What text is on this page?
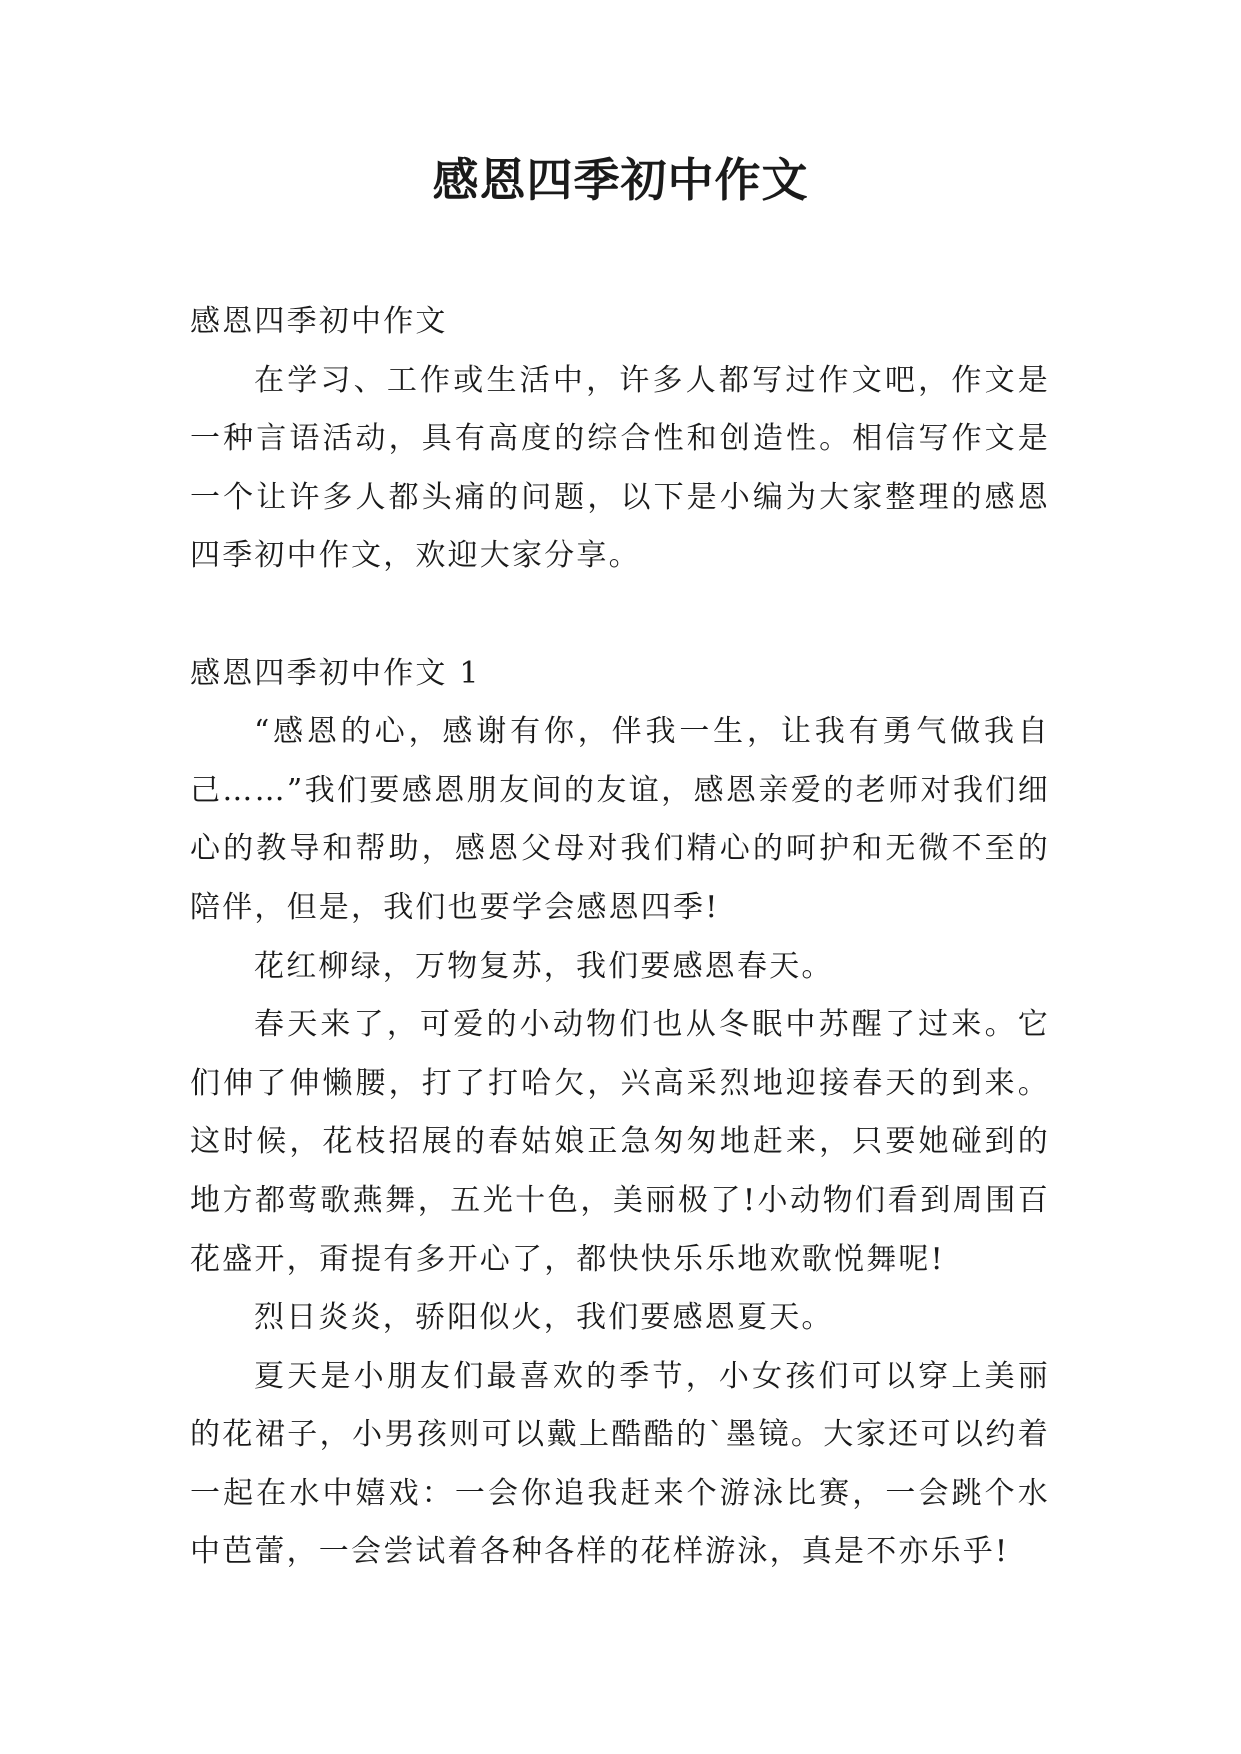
感恩四季初中作文

感恩四季初中作文

在学习、工作或生活中，许多人都写过作文吧，作文是一种言语活动，具有高度的综合性和创造性。相信写作文是一个让许多人都头痛的问题，以下是小编为大家整理的感恩四季初中作文，欢迎大家分享。

感恩四季初中作文 1

“感恩的心，感谢有你，伴我一生，让我有勇气做我自己……”我们要感恩朋友间的友谊，感恩亲爱的老师对我们细心的教导和帮助，感恩父母对我们精心的呵护和无微不至的陪伴，但是，我们也要学会感恩四季!

花红柳绿，万物复苏，我们要感恩春天。

春天来了，可爱的小动物们也从冬眠中苏醒了过来。它们伸了伸懒腰，打了打哈欠，兴高采烈地迎接春天的到来。这时候，花枝招展的春姑娘正急匆匆地赶来，只要她碰到的地方都莺歌燕舞，五光十色，美丽极了!小动物们看到周围百花盛开，甭提有多开心了，都快快乐乐地欢歌悦舞呢!

烈日炎炎，骄阳似火，我们要感恩夏天。

夏天是小朋友们最喜欢的季节，小女孩们可以穿上美丽的花裙子，小男孩则可以戴上酷酷的`墨镜。大家还可以约着一起在水中嬉戏：一会你追我赶来个游泳比赛，一会跳个水中芭蕾，一会尝试着各种各样的花样游泳，真是不亦乐乎!
